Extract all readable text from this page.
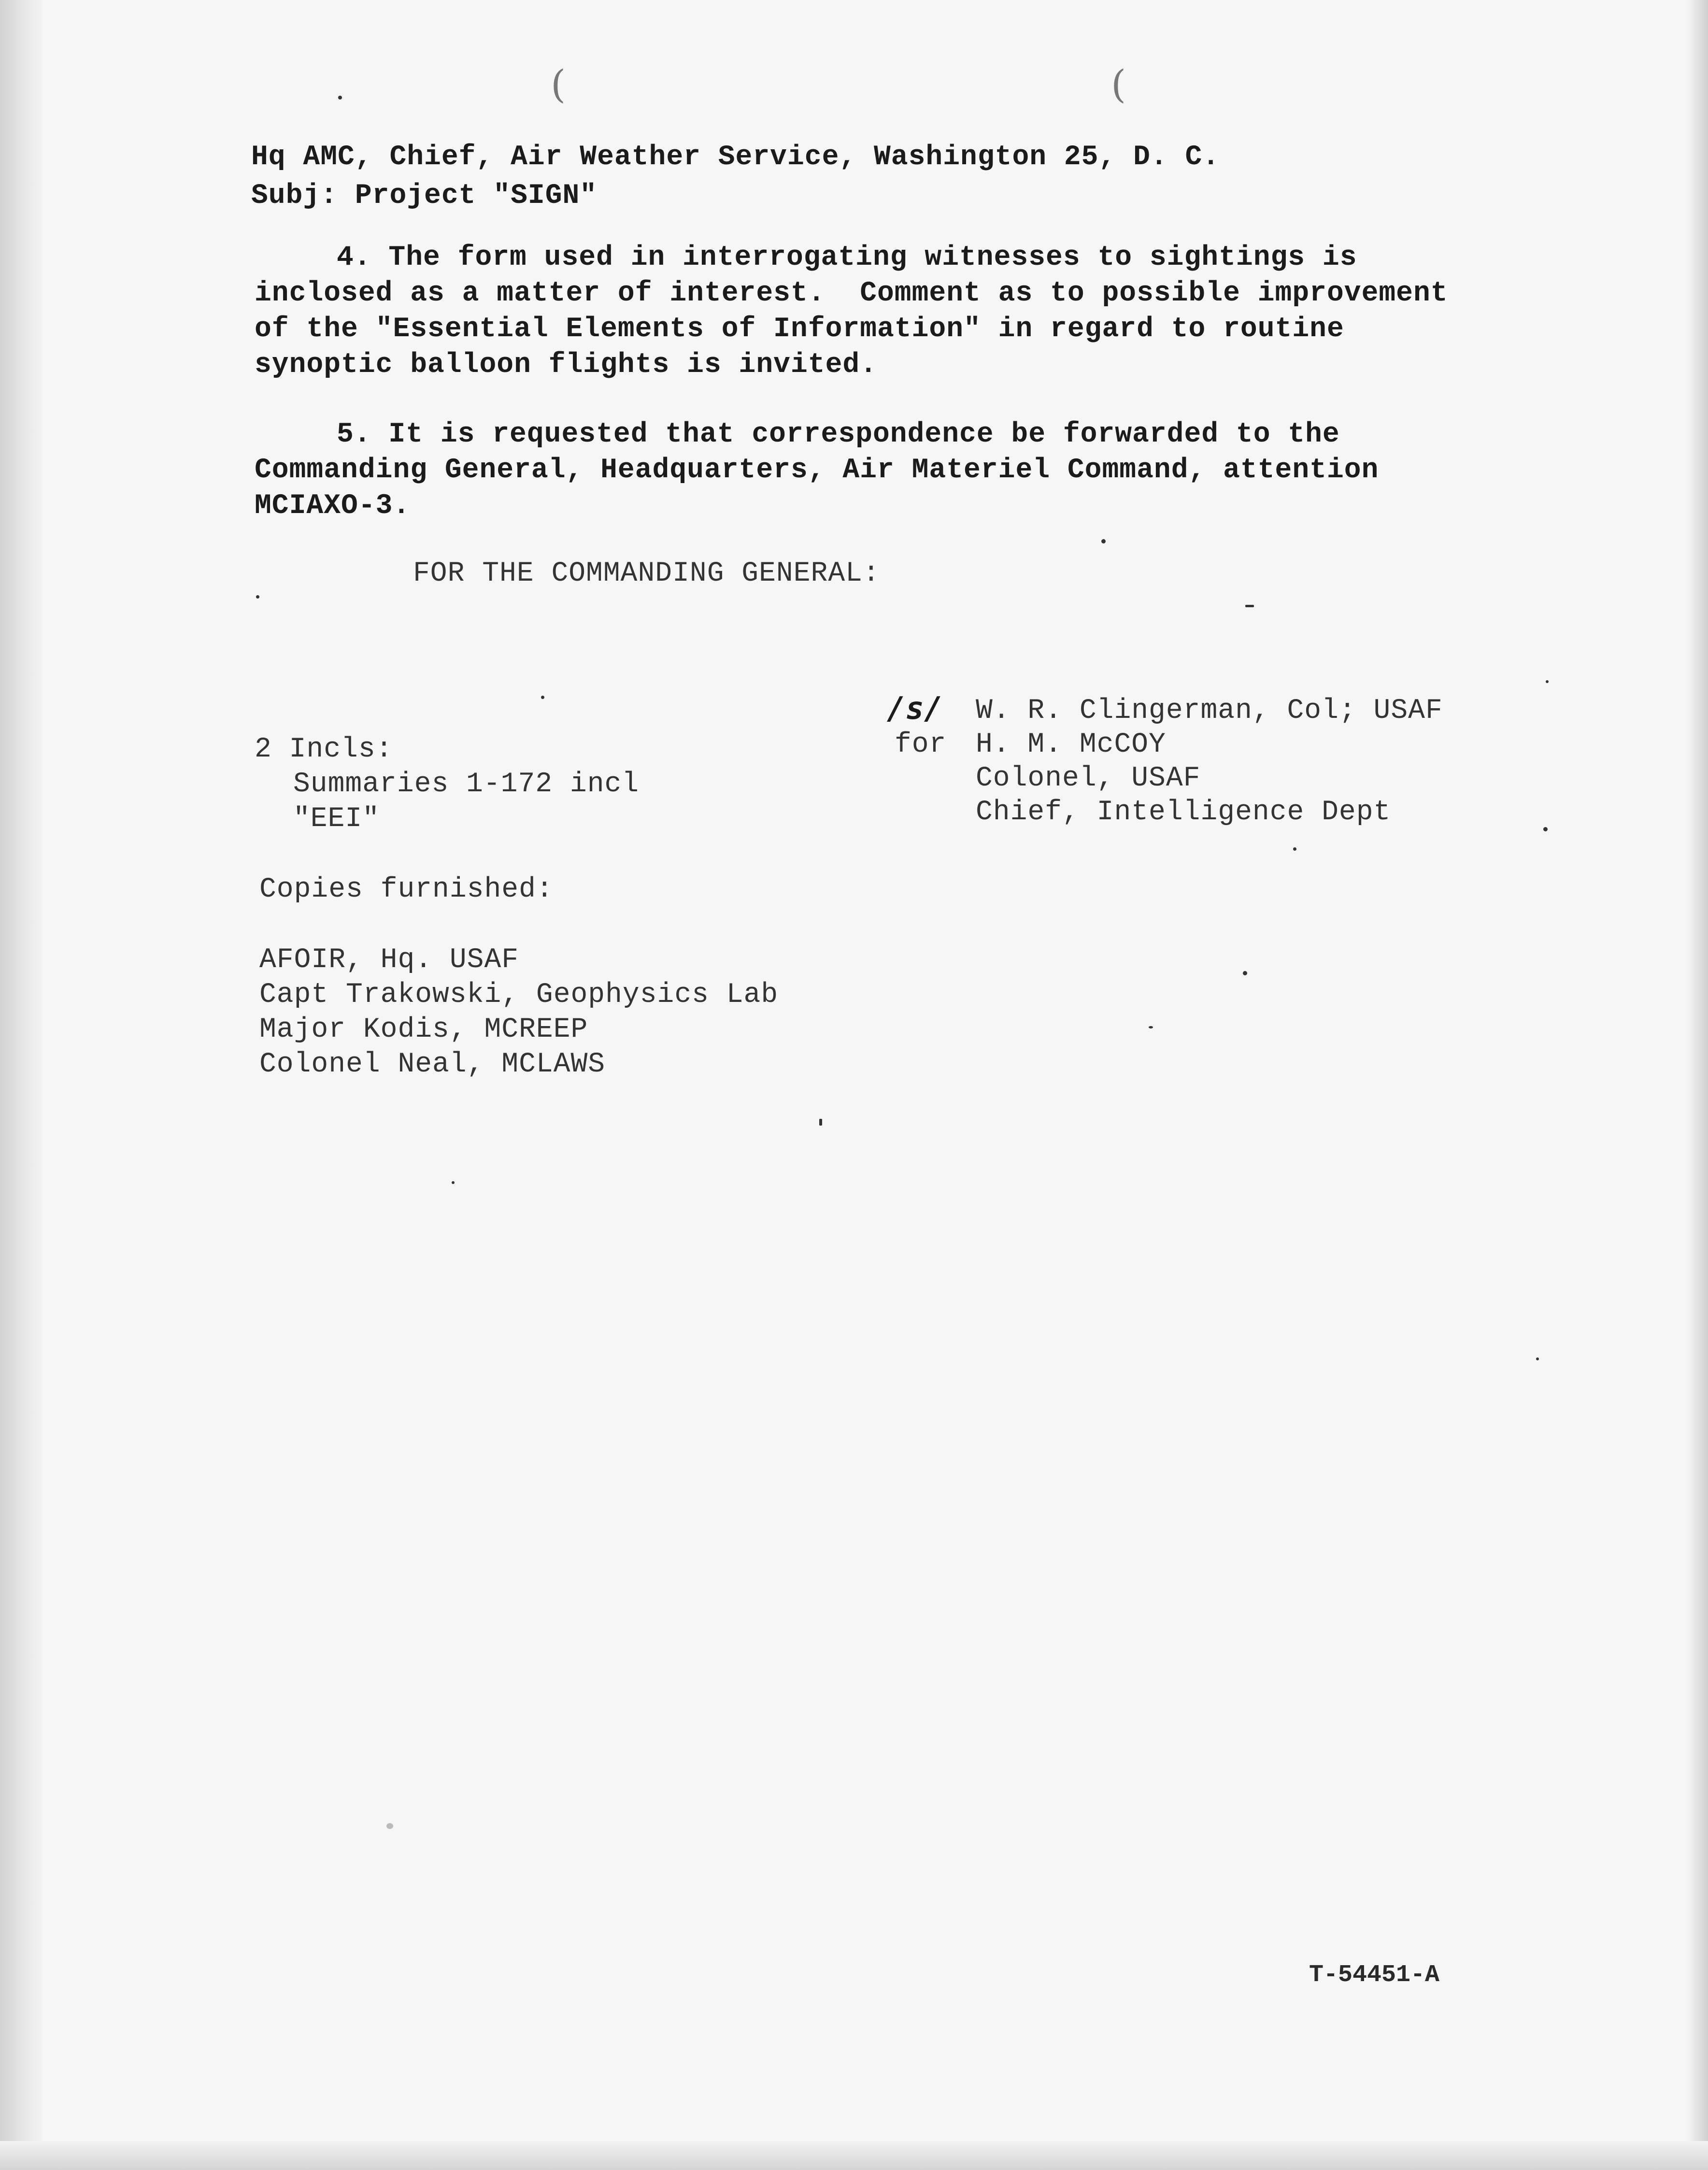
(	(
Hq AMC, Chief, Air Weather Service, Washington 25, D. C.
Subj: Project "SIGN"
4. The form used in interrogating witnesses to sightings is
inclosed as a matter of interest.  Comment as to possible improvement
of the "Essential Elements of Information" in regard to routine
synoptic balloon flights is invited.
5. It is requested that correspondence be forwarded to the
Commanding General, Headquarters, Air Materiel Command, attention
MCIAXO-3.
FOR THE COMMANDING GENERAL:
/s/
for
W. R. Clingerman, Col; USAF
H. M. McCOY
Colonel, USAF
Chief, Intelligence Dept
2 Incls:
Summaries 1-172 incl
"EEI"
Copies furnished:
AFOIR, Hq. USAF
Capt Trakowski, Geophysics Lab
Major Kodis, MCREEP
Colonel Neal, MCLAWS
T-54451-A
